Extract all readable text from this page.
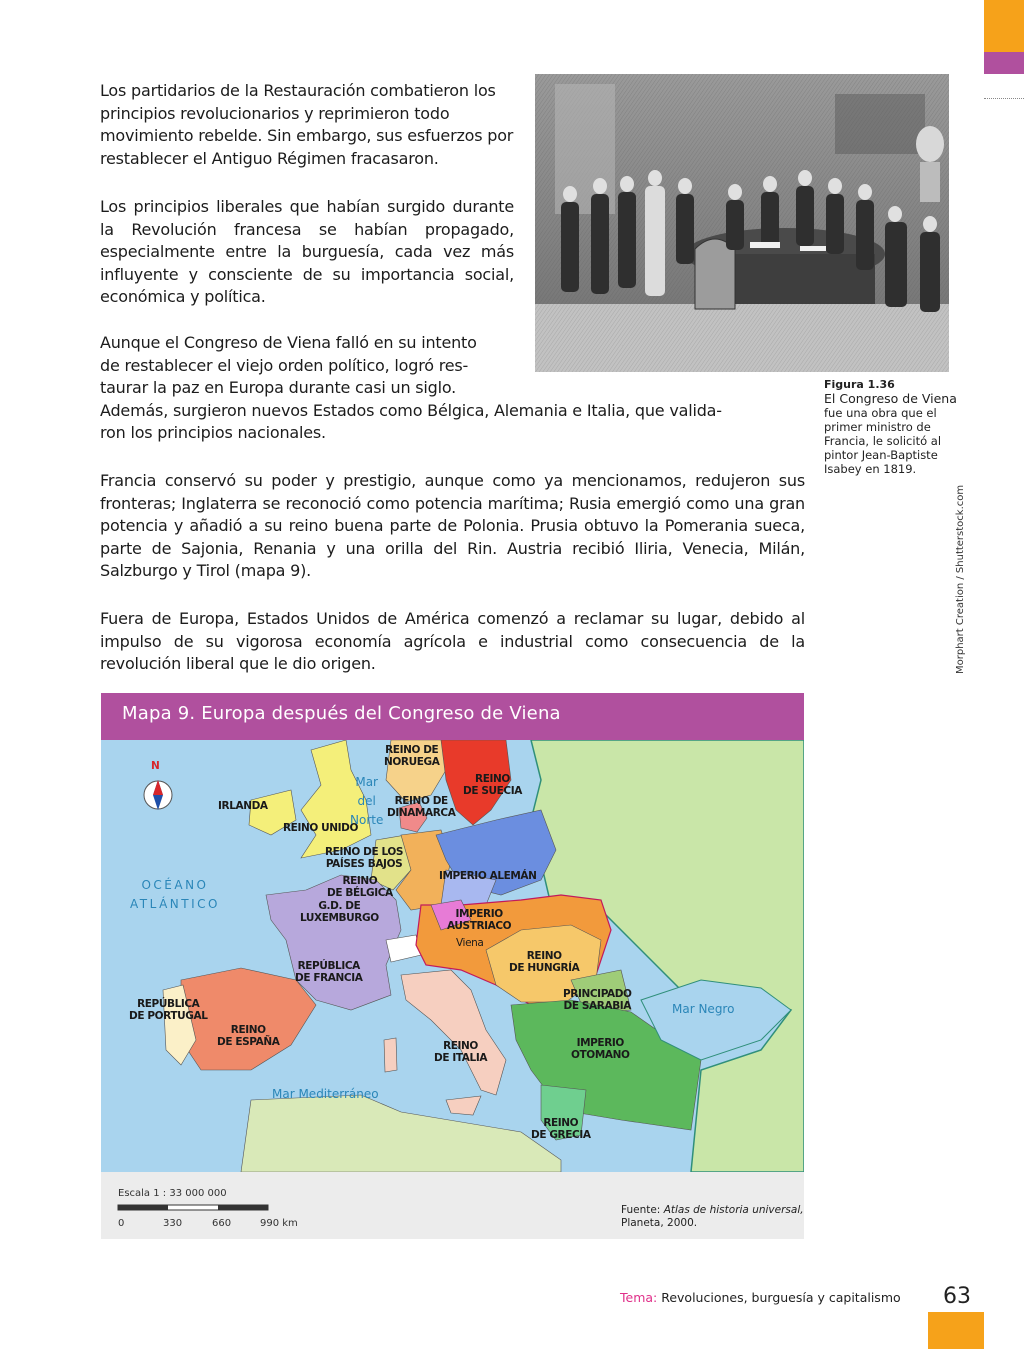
Los partidarios de la Restauración combatieron los principios revolucionarios y reprimieron todo movimiento rebelde. Sin embargo, sus esfuerzos por restablecer el Antiguo Régimen fracasaron.

Los principios liberales que habían surgido durante la Revolución francesa se habían propagado, especialmente entre la burguesía, cada vez más influyente y consciente de su importancia social, económica y política.

Aunque el Congreso de Viena falló en su intento
de restablecer el viejo orden político, logró res-
taurar la paz en Europa durante casi un siglo.
Además, surgieron nuevos Estados como Bélgica, Alemania e Italia, que valida-
ron los principios nacionales.

Francia conservó su poder y prestigio, aunque como ya mencionamos, redujeron sus fronteras; Inglaterra se reconoció como potencia marítima; Rusia emergió como una gran potencia y añadió a su reino buena parte de Polonia. Prusia obtuvo la Pomerania sueca, parte de Sajonia, Renania y una orilla del Rin. Austria recibió Iliria, Venecia, Milán, Salzburgo y Tirol (mapa 9).

Fuera de Europa, Estados Unidos de América comenzó a reclamar su lugar, debido al impulso de su vigorosa economía agrícola e industrial como consecuencia de la revolución liberal que le dio origen.	Morphart Creation / Shutterstock.com
Figura 1.36
El Congreso de Viena fue una obra que el primer ministro de Francia, le solicitó al pintor Jean-Baptiste Isabey en 1819.
Mapa 9. Europa después del Congreso de Viena
N
REINO DE
NORUEGA
REINO
DE SUECIA
REINO DE
DINAMARCA
IRLANDA
REINO UNIDO
REINO DE LOS
PAÍSES BAJOS
REINO
DE BÉLGICA
G.D. DE
LUXEMBURGO
IMPERIO ALEMÁN
IMPERIO
AUSTRIACO
Viena
REINO
DE HUNGRÍA
REPÚBLICA
DE FRANCIA
REPÚBLICA
DE PORTUGAL
REINO
DE ESPAÑA	REINO
DE ITALIA
PRINCIPADO
DE SARABIA
IMPERIO
OTOMANO
REINO
DE GRECIA
Mar
del
Norte
OCÉANO
ATLÁNTICO
Mar Negro
Mar Mediterráneo
Escala 1 : 33 000 000
0	330	660	990 km
Fuente: Atlas de historia universal,
Planeta, 2000.
Tema: Revoluciones, burguesía y capitalismo 63
